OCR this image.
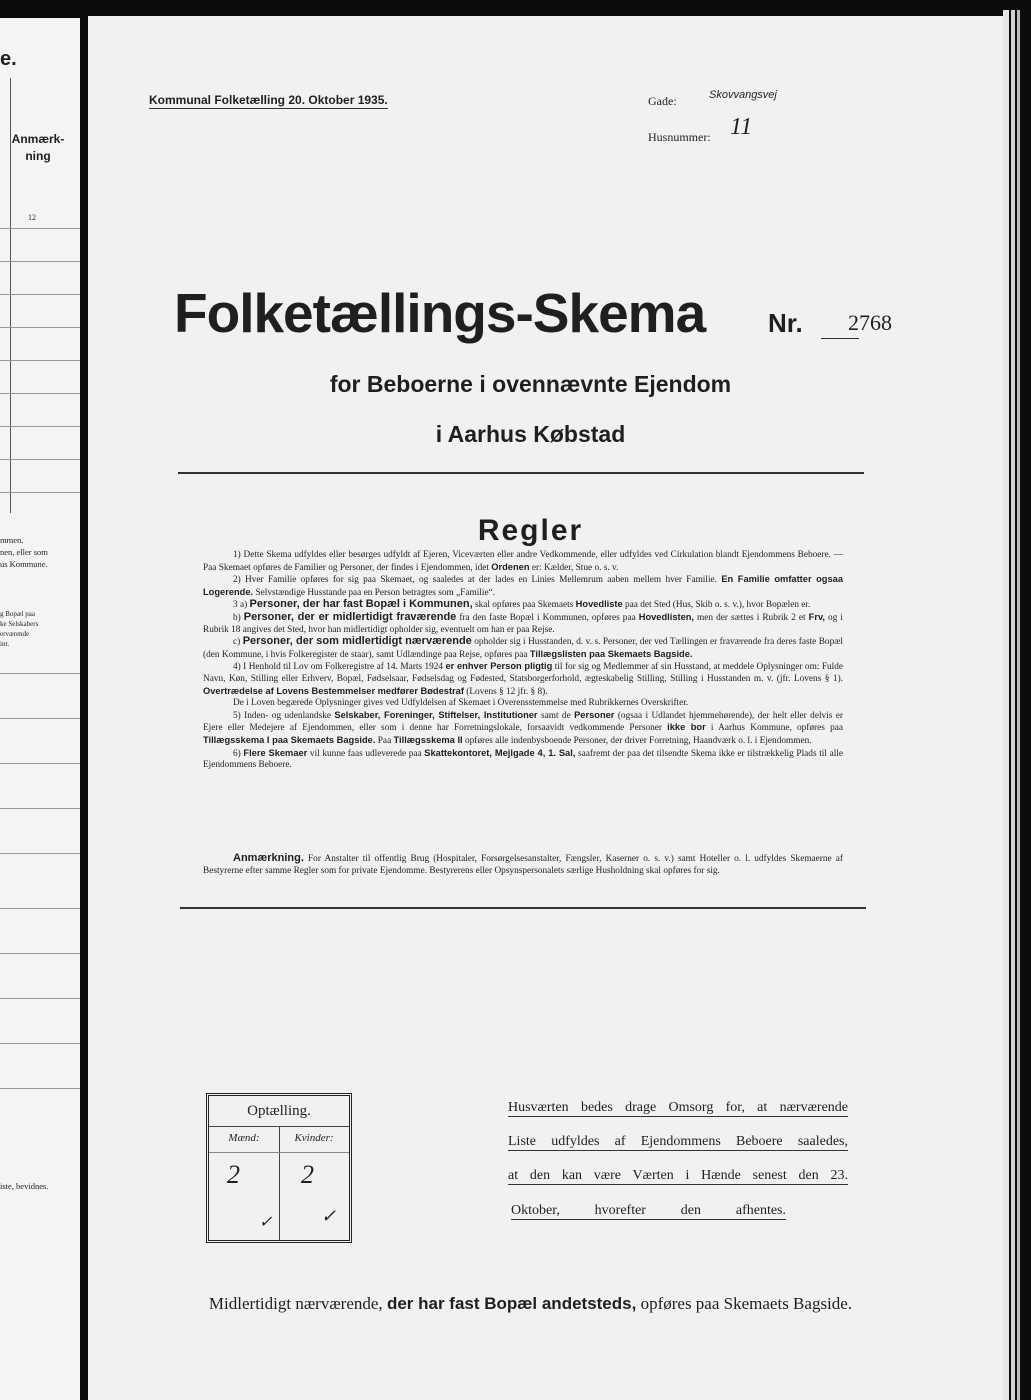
e.
Anmærk-
ning
12
mmen.
nen, eller som
us Kommune.
g Bopæl paa
ke Selskabers
erværende
int.
iste, bevidnes.
Kommunal Folketælling 20. Oktober 1935.	Gade:	Skovvangsvej
Husnummer: 11
Folketællings-Skema Nr. 2768
for Beboerne i ovennævnte Ejendom
i Aarhus Købstad
Regler

1) Dette Skema udfyldes eller besørges udfyldt af Ejeren, Viceværten eller andre Vedkommende, eller udfyldes ved Cirkulation blandt Ejendommens Beboere. — Paa Skemaet opføres de Familier og Personer, der findes i Ejendommen, idet Ordenen er: Kælder, Stue o. s. v.

2) Hver Familie opføres for sig paa Skemaet, og saaledes at der lades en Linies Mellemrum aaben mellem hver Familie. En Familie omfatter ogsaa Logerende. Selvstændige Husstande paa en Person betragtes som „Familie“.

3 a) Personer, der har fast Bopæl i Kommunen, skal opføres paa Skemaets Hovedliste paa det Sted (Hus, Skib o. s. v.), hvor Bopælen er.

b) Personer, der er midlertidigt fraværende fra den faste Bopæl i Kommunen, opføres paa Hovedlisten, men der sættes i Rubrik 2 et Frv, og i Rubrik 18 angives det Sted, hvor han midlertidigt opholder sig, eventuelt om han er paa Rejse.

c) Personer, der som midlertidigt nærværende opholder sig i Husstanden, d. v. s. Personer, der ved Tællingen er fraværende fra deres faste Bopæl (den Kommune, i hvis Folkeregister de staar), samt Udlændinge paa Rejse, opføres paa Tillægslisten paa Skemaets Bagside.

4) I Henhold til Lov om Folkeregistre af 14. Marts 1924 er enhver Person pligtig til for sig og Medlemmer af sin Husstand, at meddele Oplysninger om: Fulde Navn, Køn, Stilling eller Erhverv, Bopæl, Fødselsaar, Fødselsdag og Fødested, Statsborgerforhold, ægteskabelig Stilling, Stilling i Husstanden m. v. (jfr. Lovens § 1). Overtrædelse af Lovens Bestemmelser medfører Bødestraf (Lovens § 12 jfr. § 8).

De i Loven begærede Oplysninger gives ved Udfyldelsen af Skemaet i Overensstemmelse med Rubrikkernes Overskrifter.

5) Inden- og udenlandske Selskaber, Foreninger, Stiftelser, Institutioner samt de Personer (ogsaa i Udlandet hjemmehørende), der helt eller delvis er Ejere eller Medejere af Ejendommen, eller som i denne har Forretningslokale, forsaavidt vedkommende Personer ikke bor i Aarhus Kommune, opføres paa Tillægsskema I paa Skemaets Bagside. Paa Tillægsskema II opføres alle indenbysboende Personer, der driver Forretning, Haandværk o. l. i Ejendommen.

6) Flere Skemaer vil kunne faas udleverede paa Skattekontoret, Mejlgade 4, 1. Sal, saafremt der paa det tilsendte Skema ikke er tilstrækkelig Plads til alle Ejendommens Beboere.

Anmærkning. For Anstalter til offentlig Brug (Hospitaler, Forsørgelsesanstalter, Fængsler, Kaserner o. s. v.) samt Hoteller o. l. udfyldes Skemaerne af Bestyrerne efter samme Regler som for private Ejendomme. Bestyrerens eller Opsynspersonalets særlige Husholdning skal opføres for sig.

Optælling.
Mænd:	Kvinder:
2 2
✓	✓
Husværten bedes drage Omsorg for, at nærværende
Liste udfyldes af Ejendommens Beboere saaledes,
at den kan være Værten i Hænde senest den 23.
Oktober, hvorefter den afhentes.
Midlertidigt nærværende, der har fast Bopæl andetsteds, opføres paa Skemaets Bagside.
